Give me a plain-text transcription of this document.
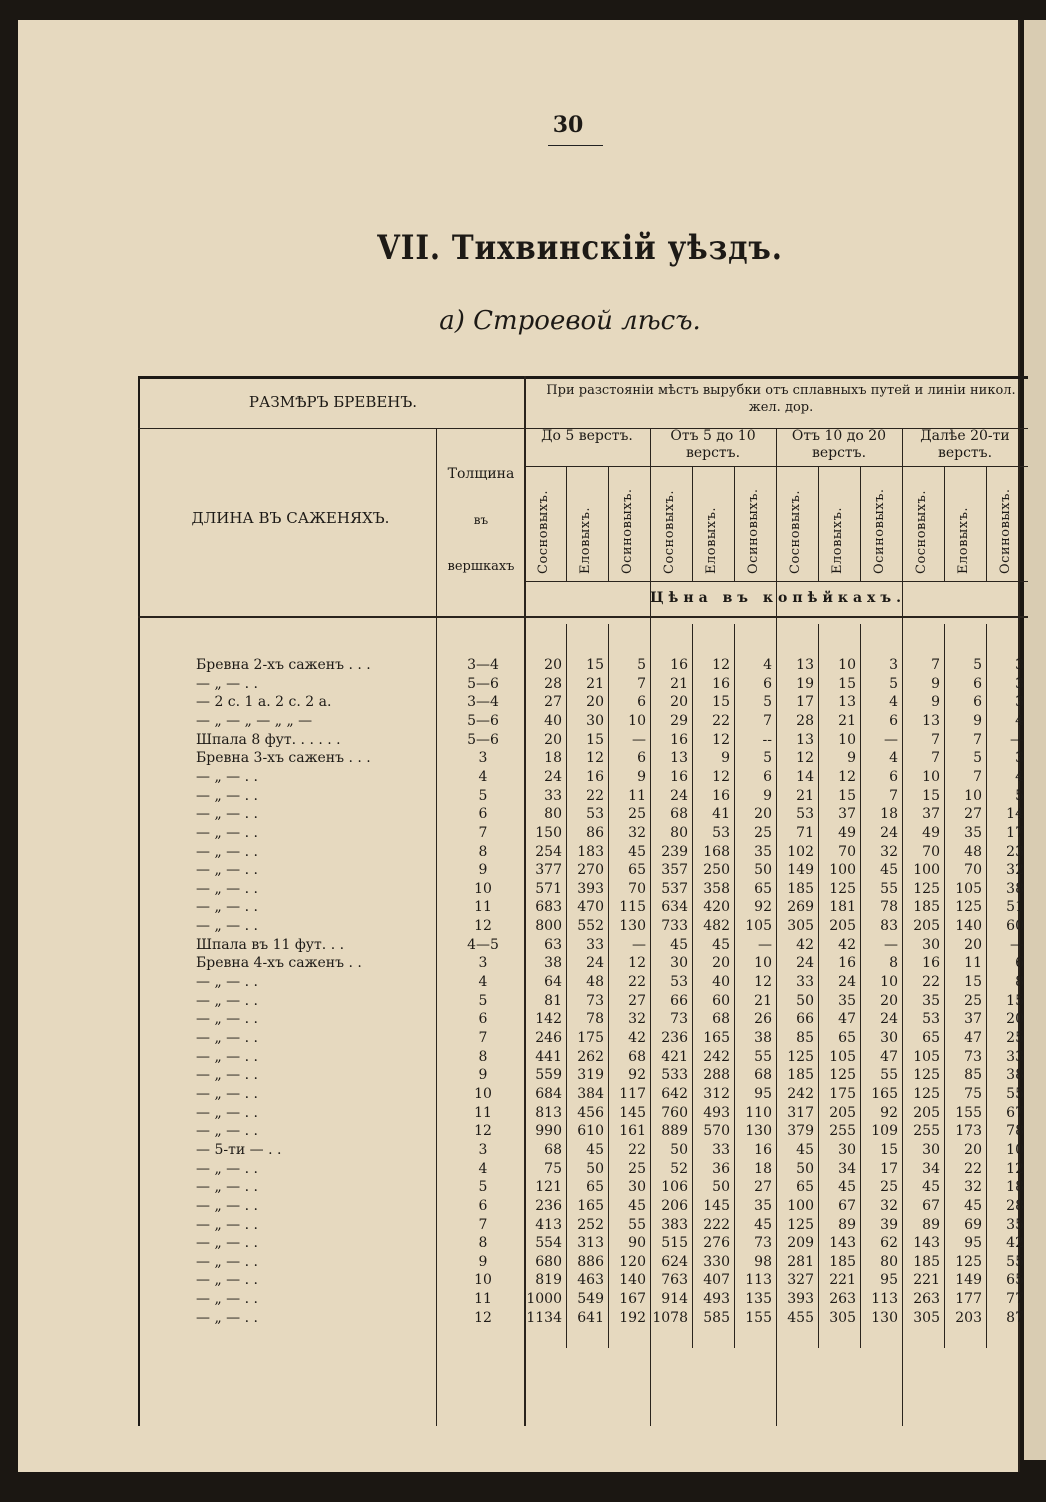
30
VII. Тихвинскій уѣздъ.
а) Строевой лѣсъ.
РАЗМѢРЪ БРЕВЕНЪ.
При разстояніи мѣстъ вырубки отъ сплавныхъ путей и линіи никол. жел. дор.
ДЛИНА ВЪ САЖЕНЯХЪ.
Толщина
въ
вершкахъ
Цѣна въ копѣйкахъ.
Бревна 2-хъ саженъ . . .	3—4	20	15	5	16	12	4	13	10	3	7	5	3
— „ — . .	5—6	28	21	7	21	16	6	19	15	5	9	6	3
— 2 с. 1 а. 2 с. 2 а.	3—4	27	20	6	20	15	5	17	13	4	9	6	3
— „ — „ — „ „ —	5—6	40	30	10	29	22	7	28	21	6	13	9	4
Шпала 8 фут. . . . . .	5—6	20	15	—	16	12	--	13	10	—	7	7	—
Бревна 3-хъ саженъ . . .	3	18	12	6	13	9	5	12	9	4	7	5	3
— „ — . .	4	24	16	9	16	12	6	14	12	6	10	7	4
— „ — . .	5	33	22	11	24	16	9	21	15	7	15	10	5
— „ — . .	6	80	53	25	68	41	20	53	37	18	37	27	14
— „ — . .	7	150	86	32	80	53	25	71	49	24	49	35	17
— „ — . .	8	254	183	45	239	168	35	102	70	32	70	48	23
— „ — . .	9	377	270	65	357	250	50	149	100	45	100	70	32
— „ — . .	10	571	393	70	537	358	65	185	125	55	125	105	38
— „ — . .	11	683	470	115	634	420	92	269	181	78	185	125	51
— „ — . .	12	800	552	130	733	482	105	305	205	83	205	140	60
Шпала въ 11 фут. . .	4—5	63	33	—	45	45	—	42	42	—	30	20	—
Бревна 4-хъ саженъ . .	3	38	24	12	30	20	10	24	16	8	16	11	6
— „ — . .	4	64	48	22	53	40	12	33	24	10	22	15	8
— „ — . .	5	81	73	27	66	60	21	50	35	20	35	25	15
— „ — . .	6	142	78	32	73	68	26	66	47	24	53	37	20
— „ — . .	7	246	175	42	236	165	38	85	65	30	65	47	25
— „ — . .	8	441	262	68	421	242	55	125	105	47	105	73	33
— „ — . .	9	559	319	92	533	288	68	185	125	55	125	85	38
— „ — . .	10	684	384	117	642	312	95	242	175	165	125	75	55
— „ — . .	11	813	456	145	760	493	110	317	205	92	205	155	67
— „ — . .	12	990	610	161	889	570	130	379	255	109	255	173	78
— 5-ти — . .	3	68	45	22	50	33	16	45	30	15	30	20	10
— „ — . .	4	75	50	25	52	36	18	50	34	17	34	22	12
— „ — . .	5	121	65	30	106	50	27	65	45	25	45	32	18
— „ — . .	6	236	165	45	206	145	35	100	67	32	67	45	28
— „ — . .	7	413	252	55	383	222	45	125	89	39	89	69	35
— „ — . .	8	554	313	90	515	276	73	209	143	62	143	95	42
— „ — . .	9	680	886	120	624	330	98	281	185	80	185	125	55
— „ — . .	10	819	463	140	763	407	113	327	221	95	221	149	65
— „ — . .	11	1000	549	167	914	493	135	393	263	113	263	177	77
— „ — . .	12	1134	641	192 1078	585	155	455	305	130	305	203	87
До 5 верстъ.
Сосновыхъ. Еловыхъ. Осиновыхъ.
Отъ 5 до 10 верстъ.
Сосновыхъ. Еловыхъ. Осиновыхъ.
Отъ 10 до 20 верстъ.
Сосновыхъ. Еловыхъ. Осиновыхъ.
Далѣе 20-ти верстъ.
Сосновыхъ. Еловыхъ. Осиновыхъ.
